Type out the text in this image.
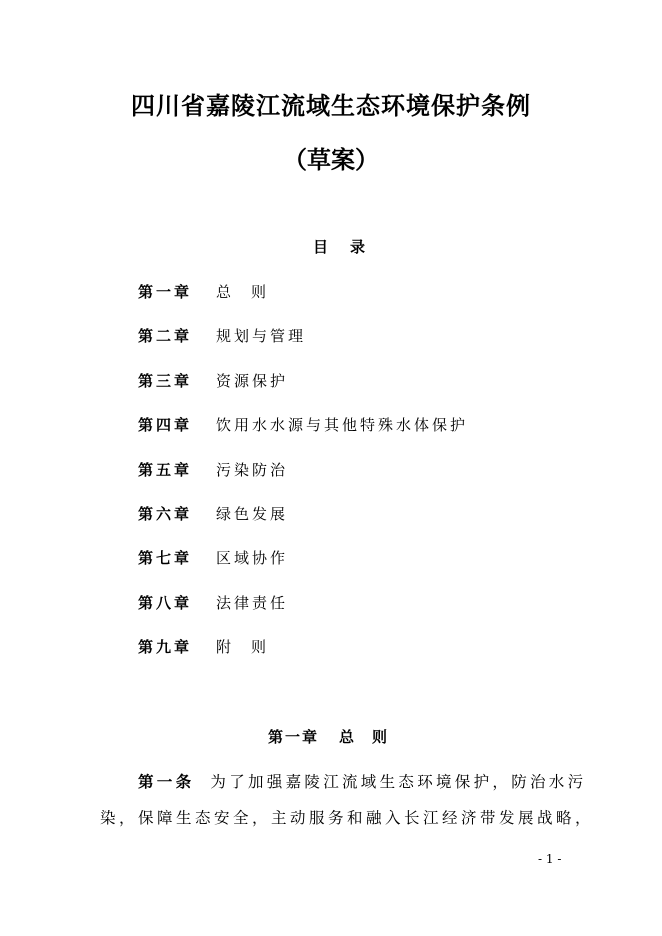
四川省嘉陵江流域生态环境保护条例
（草案）
目录
第一章	总则
第二章	规划与管理
第三章	资源保护
第四章	饮用水水源与其他特殊水体保护
第五章	污染防治
第六章	绿色发展
第七章	区域协作
第八章	法律责任
第九章	附则
第一章 总则
第一条 为了加强嘉陵江流域生态环境保护，防治水污
染，保障生态安全，主动服务和融入长江经济带发展战略，
- 1 -
